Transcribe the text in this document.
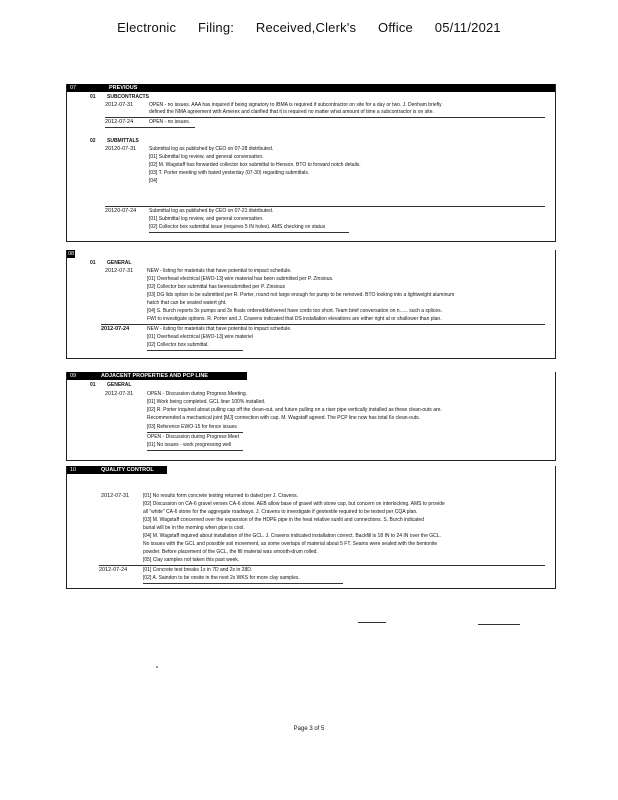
Electronic Filing: Received,Clerk's Office 05/11/2021
07	PREVIOUS
01 SUBCONTRACTS
2012-07-31	OPEN - no issues. AAA has inquired if being signatory to IBMA is required if subcontractor on site for a day or two. J. Denham briefly
defined the NMA agreement with Amerex and clarified that it is required no matter what amount of time a subcontractor is on site.
2012-07-24	OPEN - no issues.
02 SUBMITTALS
20120-07-31	Submittal log as published by CEO on 07-28 distributed.
[01] Submittal log review, and general conversation.
[02] M. Wagstaff has forwarded collector box submittal to Henson. BTO to forward notch details.
[03] T. Porter meeting with bated yesterday (07-30) regarding submittals.
[04]
20120-07-24	Submittal log as published by CEO on 07-21 distributed.
[01] Submittal log review, and general conversation.
[02] Collector box submittal issue (requires 5 IN holes). AMS checking on status
08
01 GENERAL
2012-07-31	NEW - listing for materials that have potential to impact schedule.
[01] Overhead electrical [EWO-13] wire material has been submitted per P. Zinsious.
[02] Collector box submittal has beensubmitted per P. Zinsious
[03] DG lids option to be submitted per R. Porter, round not large enough for pump to be removed. BTO looking into a lightweight aluminum
hatch that can be seated watert ght.
[04] S. Burch reports 3x pumps and 3x floats ordered/delivered have cords too short. Team brief conversation on n...... such a splices.
FWI to investigate options. R. Porter and J. Cravens indicated that DS installation elevations are either right at or shallower than plan.
2012-07-24	NEW - listing for materials that have potential to impact schedule.
[01] Overhead electrical [EWO-13] wire materiel
[02] Collector box submittal.
09	ADJACENT PROPERTIES AND PCP LINE
01 GENERAL
2012-07-31	OPEN - Discussion during Progress Meeting.
[01] Work being completed. GCL liner 100% installed.
[02] R. Porter inquired about pulling cap off the clean-out, and future pulling on a riser pipe vertically installed as these clean-outs are.
Recommended a mechanical joint [MJ] connection with cap. M. Wagstaff agreed. The PCP line now has total 6x clean-outs.
[03] Reference EWO-15 for fence issues
OPEN - Discussion during Progress Meet
[01] No issues - work progressing well
10	QUALITY CONTROL
2012-07-31	[01] No results form concrete testing returned to dated per J. Cravens.
[02] Discussion on CA-6 gravel verses CA-6 stone. AEB allow base of gravel with stone cap, but concern on interlocking. AMS to provide
all "white" CA-6 stone for the aggregate roadways. J. Cravens to investigate if geotextile required to be tested per CQA plan.
[03] M. Wagstaff concerned over the expansion of the HDPE pipe in the heat relative sunlit and connections. S. Burch indicated
burial will be in the morning when pipe is cool.
[04] M. Wagstaff inquired about installation of the GCL. J. Cravens indicated installation correct. Backfill is 18 IN to 24 IN over the GCL.
No issues with the GCL and possible soil movement, as some overlaps of material about 5 FT. Seams were sealed with the bentonite
powder. Before placement of the GCL, the fill material was smooth-drum rolled.
[05] Clay samples not taken this past week.
2012-07-24	[01] Concrete test breaks 1x in 7D and 2x in 28D.
[02] A. Saindon to be onsite in the next 2x WKS for more clay samples.
Page 3 of 5
